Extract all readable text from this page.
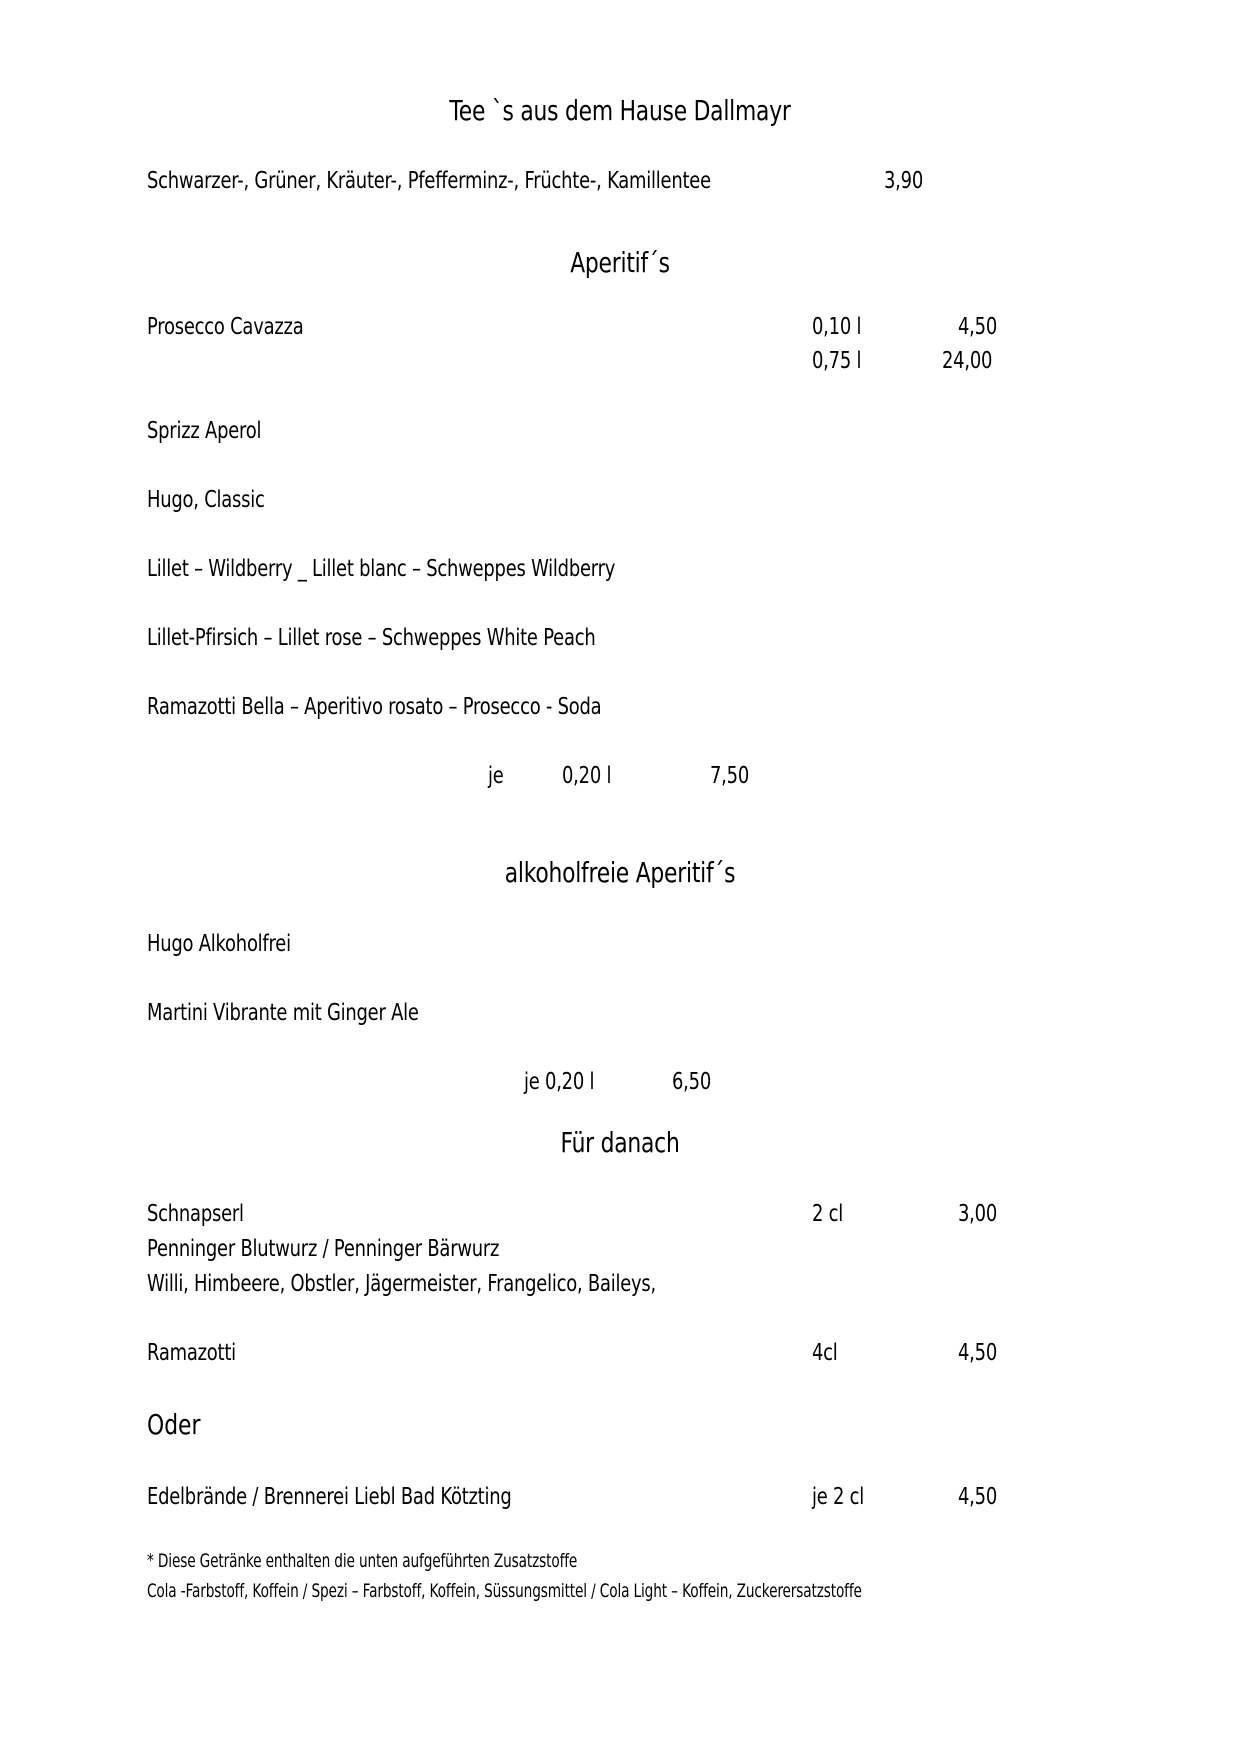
Tee `s aus dem Hause Dallmayr
Schwarzer-, Grüner, Kräuter-, Pfefferminz-, Früchte-, Kamillentee	3,90
Aperitif´s
Prosecco Cavazza	0,10 l	4,50
0,75 l	24,00
Sprizz Aperol
Hugo, Classic
Lillet – Wildberry _ Lillet blanc – Schweppes Wildberry
Lillet-Pfirsich – Lillet rose – Schweppes White Peach
Ramazotti Bella – Aperitivo rosato – Prosecco - Soda
je	0,20 l	7,50
alkoholfreie Aperitif´s
Hugo Alkoholfrei
Martini Vibrante mit Ginger Ale
je 0,20 l	6,50
Für danach
Schnapserl	2 cl	3,00
Penninger Blutwurz / Penninger Bärwurz
Willi, Himbeere, Obstler, Jägermeister, Frangelico, Baileys,
Ramazotti	4cl	4,50
Oder
Edelbrände / Brennerei Liebl Bad Kötzting	je 2 cl	4,50
* Diese Getränke enthalten die unten aufgeführten Zusatzstoffe
Cola -Farbstoff, Koffein / Spezi – Farbstoff, Koffein, Süssungsmittel / Cola Light – Koffein, Zuckerersatzstoffe
